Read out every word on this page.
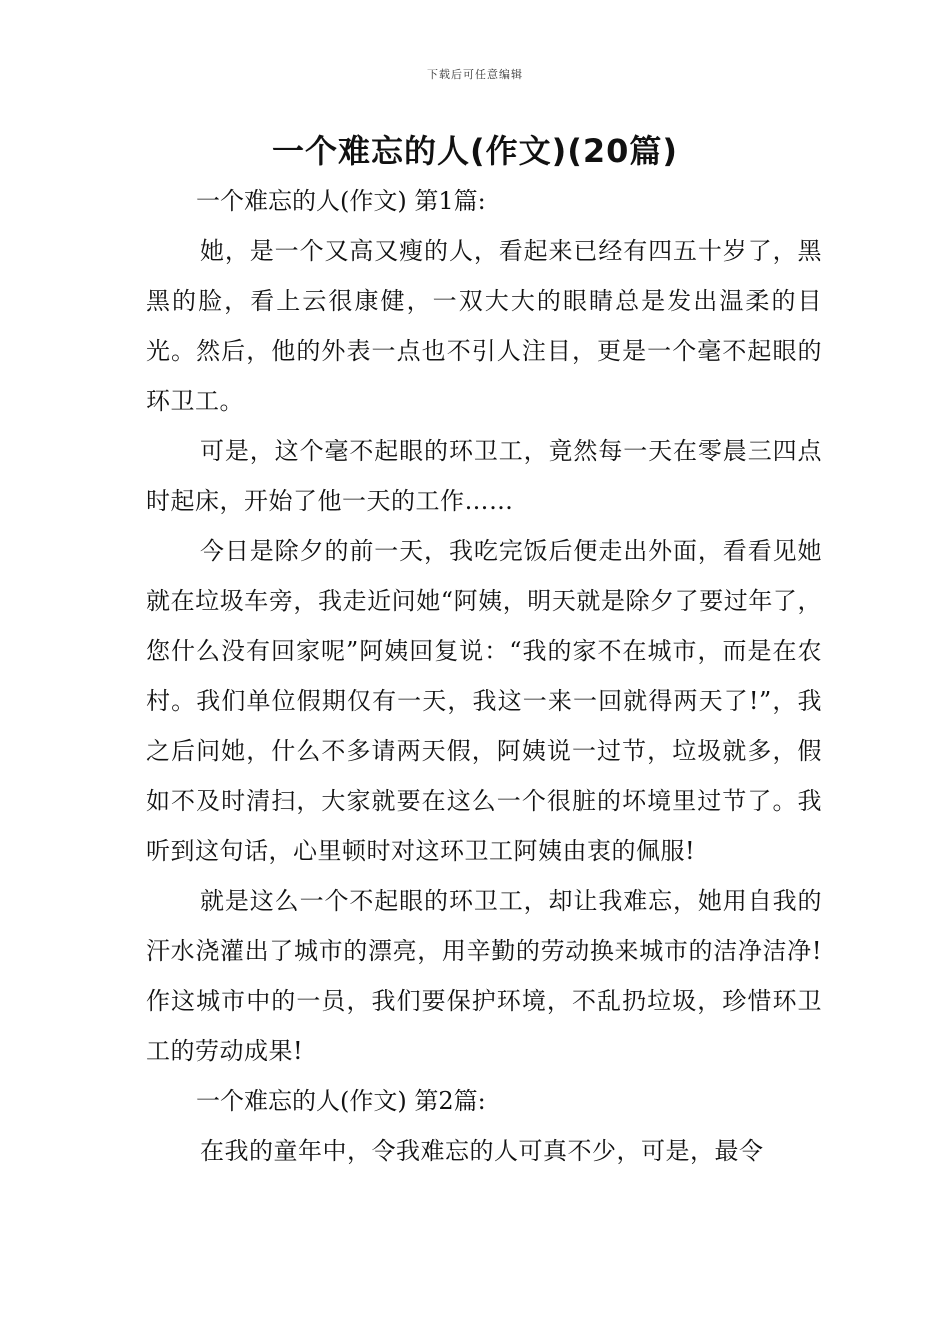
下载后可任意编辑
一个难忘的人(作文)(20篇)

一个难忘的人(作文) 第1篇:

她，是一个又高又瘦的人，看起来已经有四五十岁了，黑黑的脸，看上云很康健，一双大大的眼睛总是发出温柔的目光。然后，他的外表一点也不引人注目，更是一个毫不起眼的环卫工。

可是，这个毫不起眼的环卫工，竟然每一天在零晨三四点时起床，开始了他一天的工作……

今日是除夕的前一天，我吃完饭后便走出外面，看看见她就在垃圾车旁，我走近问她“阿姨，明天就是除夕了要过年了，您什么没有回家呢”阿姨回复说：“我的家不在城市，而是在农村。我们单位假期仅有一天，我这一来一回就得两天了!”，我之后问她，什么不多请两天假，阿姨说一过节，垃圾就多，假如不及时清扫，大家就要在这么一个很脏的坏境里过节了。我听到这句话，心里顿时对这环卫工阿姨由衷的佩服!

就是这么一个不起眼的环卫工，却让我难忘，她用自我的汗水浇灌出了城市的漂亮，用辛勤的劳动换来城市的洁净洁净!作这城市中的一员，我们要保护环境，不乱扔垃圾，珍惜环卫工的劳动成果!

一个难忘的人(作文) 第2篇:

在我的童年中，令我难忘的人可真不少，可是，最令
